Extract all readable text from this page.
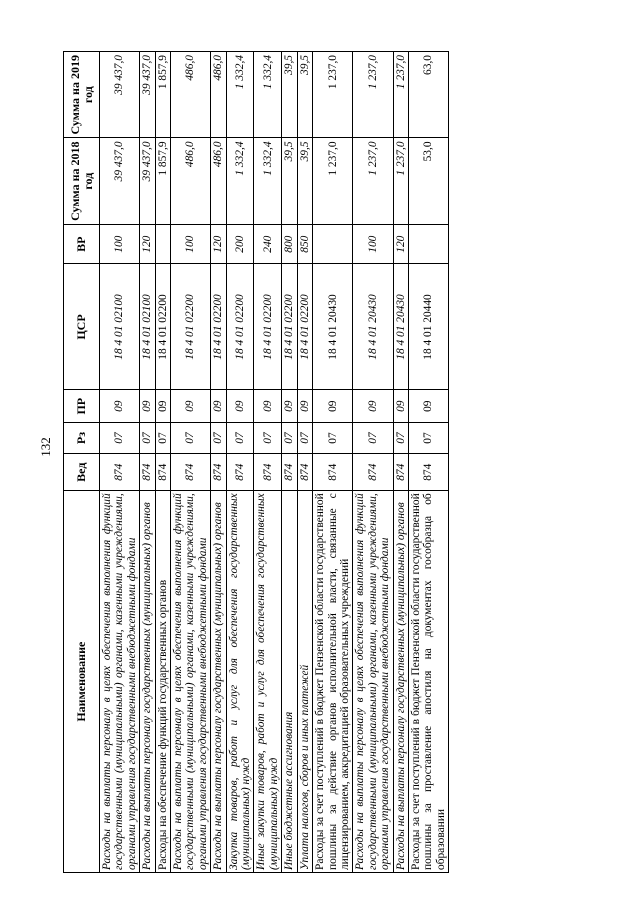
132
Наименование	Вед	Рз	ПР	ЦСР	ВР	Сумма на 2018 год	Сумма на 2019 год
Расходы на выплаты персоналу в целях обеспечения выполнения функций государственными (муниципальными) органами, казенными учреждениями, органами управления государственными внебюджетными фондами	874	07	09	18 4 01 02100	100	39 437,0	39 437,0
Расходы на выплаты персоналу государственных (муниципальных) органов	874	07	09	18 4 01 02100	120	39 437,0	39 437,0
Расходы на обеспечение функций государственных органов	874	07	09	18 4 01 02200		1 857,9	1 857,9
Расходы на выплаты персоналу в целях обеспечения выполнения функций государственными (муниципальными) органами, казенными учреждениями, органами управления государственными внебюджетными фондами	874	07	09	18 4 01 02200	100	486,0	486,0
Расходы на выплаты персоналу государственных (муниципальных) органов	874	07	09	18 4 01 02200	120	486,0	486,0
Закупка товаров, работ и услуг для обеспечения государственных (муниципальных) нужд	874	07	09	18 4 01 02200	200	1 332,4	1 332,4
Иные закупки товаров, работ и услуг для обеспечения государственных (муниципальных) нужд	874	07	09	18 4 01 02200	240	1 332,4	1 332,4
Иные бюджетные ассигнования	874	07	09	18 4 01 02200	800	39,5	39,5
Уплата налогов, сборов и иных платежей	874	07	09	18 4 01 02200	850	39,5	39,5
Расходы за счет поступлений в бюджет Пензенской области государственной пошлины за действие органов исполнительной власти, связанные с лицензированием, аккредитацией образовательных учреждений	874	07	09	18 4 01 20430		1 237,0	1 237,0
Расходы на выплаты персоналу в целях обеспечения выполнения функций государственными (муниципальными) органами, казенными учреждениями, органами управления государственными внебюджетными фондами	874	07	09	18 4 01 20430	100	1 237,0	1 237,0
Расходы на выплаты персоналу государственных (муниципальных) органов	874	07	09	18 4 01 20430	120	1 237,0	1 237,0
Расходы за счет поступлений в бюджет Пензенской области государственной пошлины за проставление апостиля на документах гособразца об образовании	874	07	09	18 4 01 20440		53,0	63,0
